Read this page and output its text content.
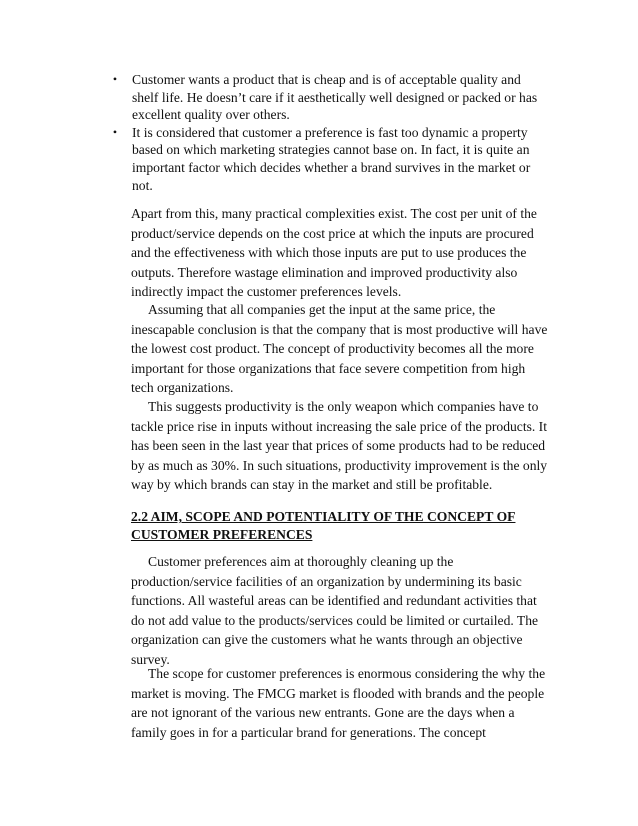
• Customer wants a product that is cheap and is of acceptable quality and shelf life. He doesn’t care if it aesthetically well designed or packed or has excellent quality over others.
• It is considered that customer a preference is fast too dynamic a property based on which marketing strategies cannot base on. In fact, it is quite an important factor which decides whether a brand survives in the market or not.

Apart from this, many practical complexities exist. The cost per unit of the product/service depends on the cost price at which the inputs are procured and the effectiveness with which those inputs are put to use produces the outputs. Therefore wastage elimination and improved productivity also indirectly impact the customer preferences levels.

Assuming that all companies get the input at the same price, the inescapable conclusion is that the company that is most productive will have the lowest cost product. The concept of productivity becomes all the more important for those organizations that face severe competition from high tech organizations.

This suggests productivity is the only weapon which companies have to tackle price rise in inputs without increasing the sale price of the products. It has been seen in the last year that prices of some products had to be reduced by as much as 30%. In such situations, productivity improvement is the only way by which brands can stay in the market and still be profitable.

2.2 AIM, SCOPE AND POTENTIALITY OF THE CONCEPT OF CUSTOMER PREFERENCES

Customer preferences aim at thoroughly cleaning up the production/service facilities of an organization by undermining its basic functions. All wasteful areas can be identified and redundant activities that do not add value to the products/services could be limited or curtailed. The organization can give the customers what he wants through an objective survey.

The scope for customer preferences is enormous considering the why the market is moving. The FMCG market is flooded with brands and the people are not ignorant of the various new entrants. Gone are the days when a family goes in for a particular brand for generations. The concept
